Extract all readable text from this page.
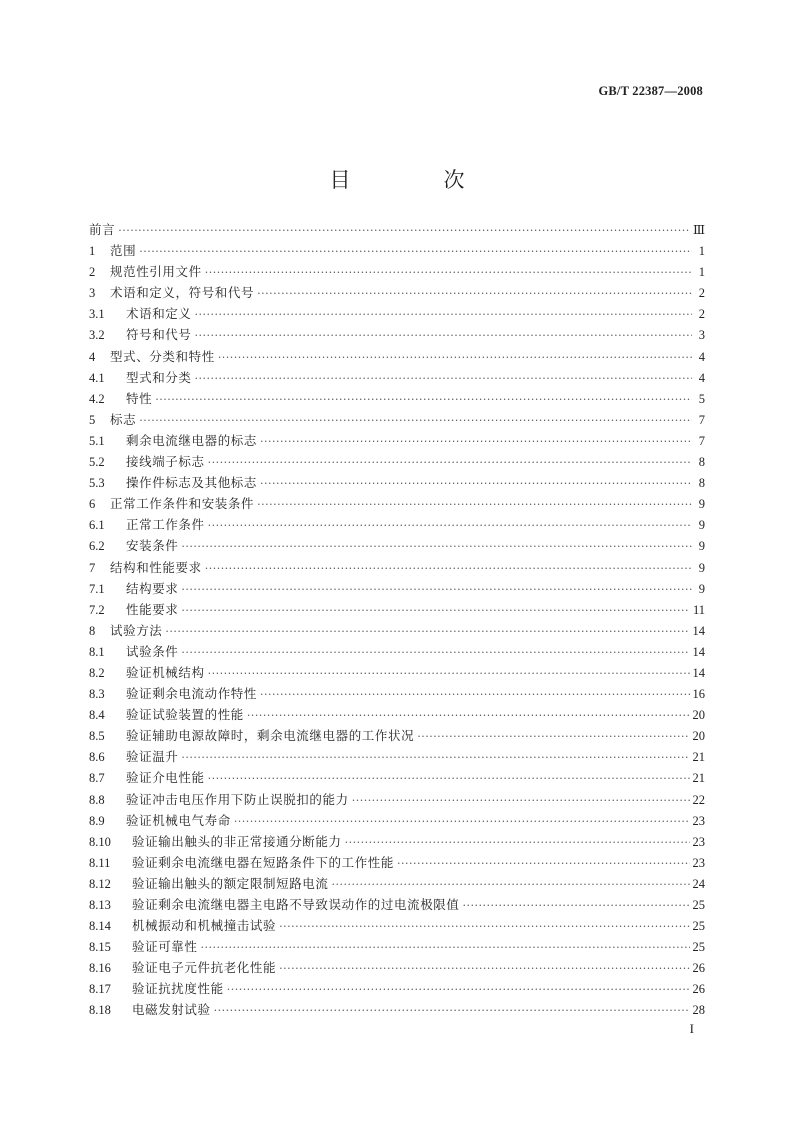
GB/T 22387—2008
目　次
前言 ·····	Ⅲ
1	范围 ·····	1
2	规范性引用文件 ·····	1
3	术语和定义，符号和代号 ·····	2
3.1	术语和定义 ·····	2
3.2	符号和代号 ·····	3
4	型式、分类和特性 ·····	4
4.1	型式和分类 ·····	4
4.2	特性 ·····	5
5	标志 ·····	7
5.1	剩余电流继电器的标志 ·····	7
5.2	接线端子标志 ·····	8
5.3	操作件标志及其他标志 ·····	8
6	正常工作条件和安装条件 ·····	9
6.1	正常工作条件 ·····	9
6.2	安装条件 ·····	9
7	结构和性能要求 ·····	9
7.1	结构要求 ·····	9
7.2	性能要求 ·····	11
8	试验方法 ·····	14
8.1	试验条件 ·····	14
8.2	验证机械结构 ·····	14
8.3	验证剩余电流动作特性 ·····	16
8.4	验证试验装置的性能 ·····	20
8.5	验证辅助电源故障时，剩余电流继电器的工作状况 ·····	20
8.6	验证温升 ·····	21
8.7	验证介电性能 ·····	21
8.8	验证冲击电压作用下防止误脱扣的能力 ·····	22
8.9	验证机械电气寿命 ·····	23
8.10	验证输出触头的非正常接通分断能力 ·····	23
8.11	验证剩余电流继电器在短路条件下的工作性能 ·····	23
8.12	验证输出触头的额定限制短路电流 ·····	24
8.13	验证剩余电流继电器主电路不导致误动作的过电流极限值 ·····	25
8.14	机械振动和机械撞击试验 ·····	25
8.15	验证可靠性 ·····	25
8.16	验证电子元件抗老化性能 ·····	26
8.17	验证抗扰度性能 ·····	26
8.18	电磁发射试验 ·····	28
I
